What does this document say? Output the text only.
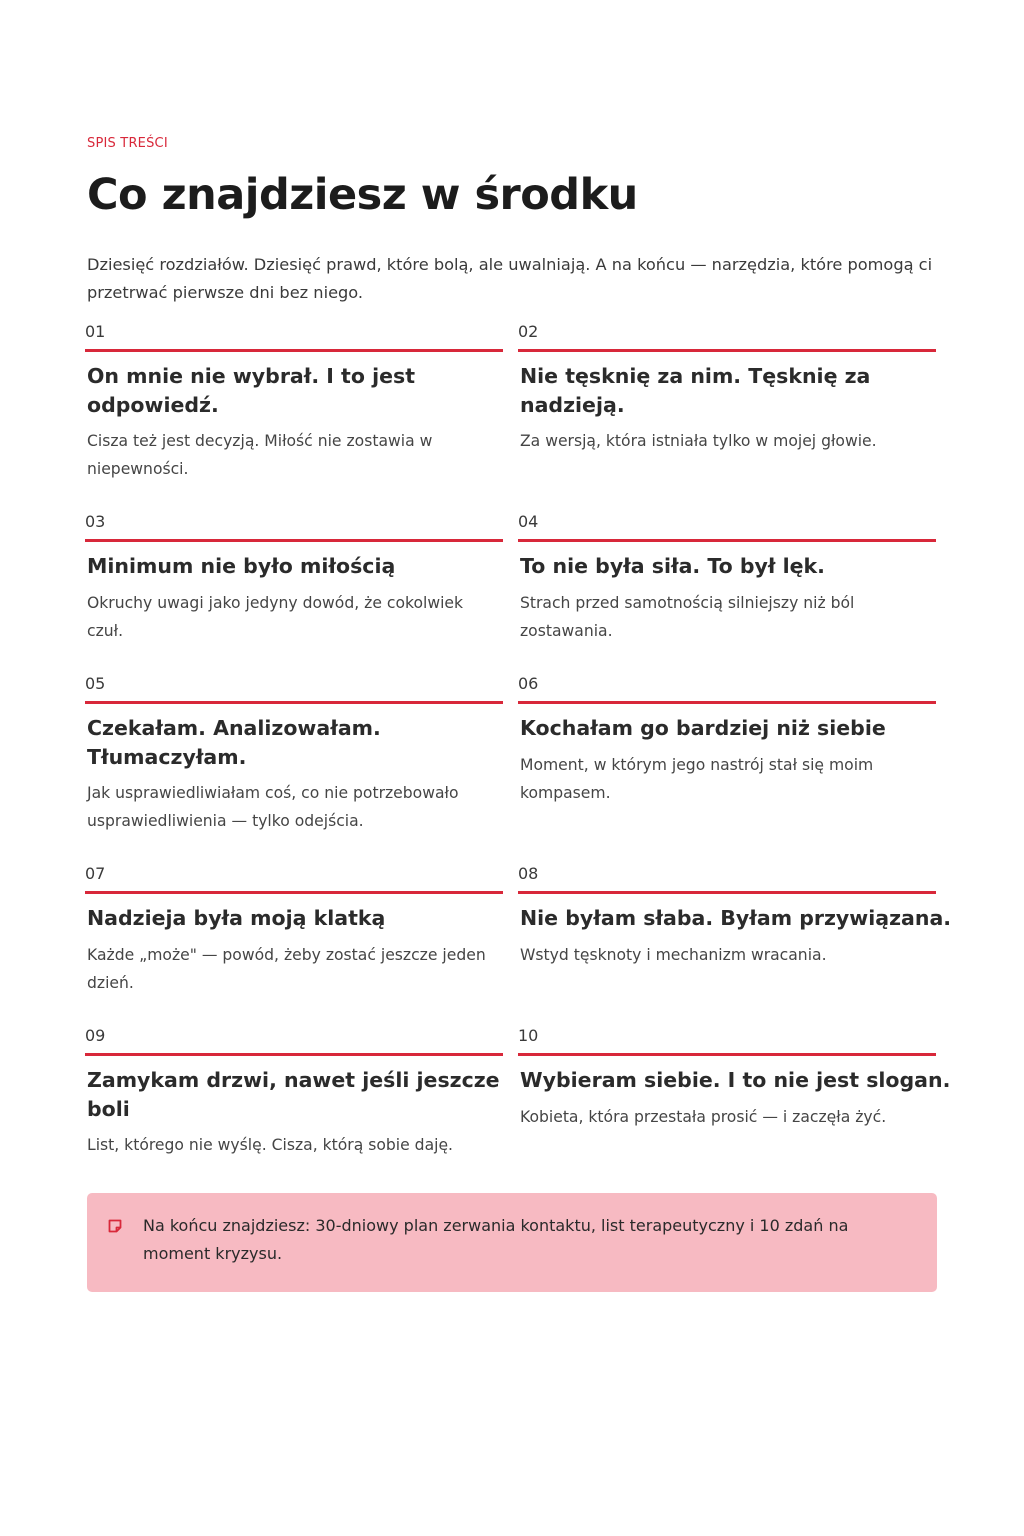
SPIS TREŚCI
Co znajdziesz w środku
Dziesięć rozdziałów. Dziesięć prawd, które bolą, ale uwalniają. A na końcu — narzędzia, które pomogą ci przetrwać pierwsze dni bez niego.
01
On mnie nie wybrał. I to jest odpowiedź.
Cisza też jest decyzją. Miłość nie zostawia w niepewności.
02
Nie tęsknię za nim. Tęsknię za nadzieją.
Za wersją, która istniała tylko w mojej głowie.
03
Minimum nie było miłością
Okruchy uwagi jako jedyny dowód, że cokolwiek czuł.
04
To nie była siła. To był lęk.
Strach przed samotnością silniejszy niż ból zostawania.
05
Czekałam. Analizowałam. Tłumaczyłam.
Jak usprawiedliwiałam coś, co nie potrzebowało usprawiedliwienia — tylko odejścia.
06
Kochałam go bardziej niż siebie
Moment, w którym jego nastrój stał się moim kompasem.
07
Nadzieja była moją klatką
Każde „może" — powód, żeby zostać jeszcze jeden dzień.
08
Nie byłam słaba. Byłam przywiązana.
Wstyd tęsknoty i mechanizm wracania.
09
Zamykam drzwi, nawet jeśli jeszcze boli
List, którego nie wyślę. Cisza, którą sobie daję.
10
Wybieram siebie. I to nie jest slogan.
Kobieta, która przestała prosić — i zaczęła żyć.
Na końcu znajdziesz: 30-dniowy plan zerwania kontaktu, list terapeutyczny i 10 zdań na moment kryzysu.
